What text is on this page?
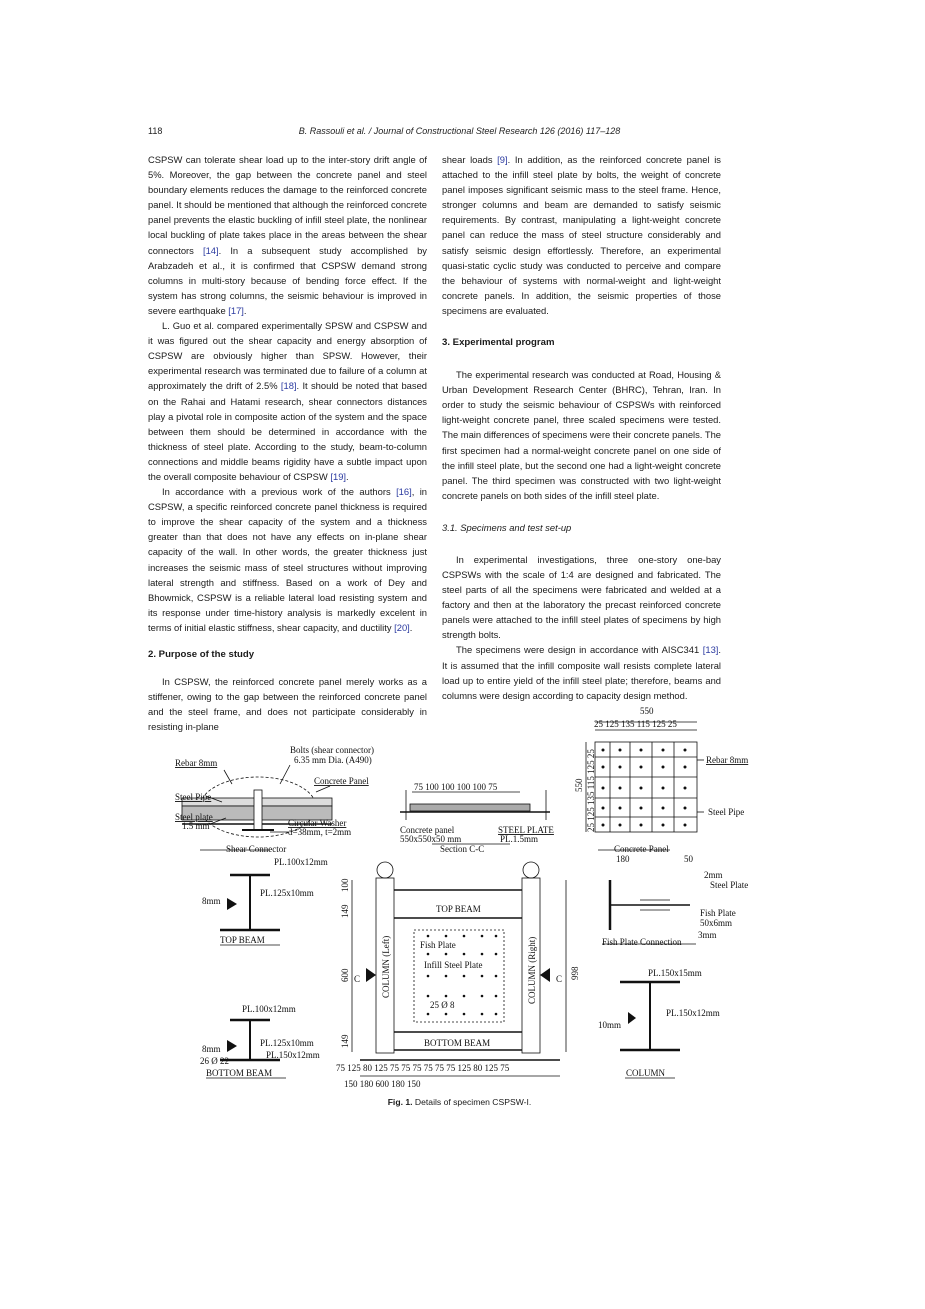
118	B. Rassouli et al. / Journal of Constructional Steel Research 126 (2016) 117–128

CSPSW can tolerate shear load up to the inter-story drift angle of 5%. Moreover, the gap between the concrete panel and steel boundary elements reduces the damage to the reinforced concrete panel. It should be mentioned that although the reinforced concrete panel prevents the elastic buckling of infill steel plate, the nonlinear local buckling of plate takes place in the areas between the shear connectors [14]. In a subsequent study accomplished by Arabzadeh et al., it is confirmed that CSPSW demand strong columns in multi-story because of bending force effect. If the system has strong columns, the seismic behaviour is improved in severe earthquake [17].

L. Guo et al. compared experimentally SPSW and CSPSW and it was figured out the shear capacity and energy absorption of CSPSW are obviously higher than SPSW. However, their experimental research was terminated due to failure of a column at approximately the drift of 2.5% [18]. It should be noted that based on the Rahai and Hatami research, shear connectors distances play a pivotal role in composite action of the system and the space between them should be determined in accordance with the thickness of steel plate. According to the study, beam-to-column connections and middle beams rigidity have a subtle impact upon the overall composite behaviour of CSPSW [19].

In accordance with a previous work of the authors [16], in CSPSW, a specific reinforced concrete panel thickness is required to improve the shear capacity of the system and a thickness greater than that does not have any effects on in-plane shear capacity of the wall. In other words, the greater thickness just increases the seismic mass of steel structures without improving lateral strength and stiffness. Based on a work of Dey and Bhowmick, CSPSW is a reliable lateral load resisting system and its response under time-history analysis is markedly excelent in terms of initial elastic stiffness, shear capacity, and ductility [20].

2. Purpose of the study

In CSPSW, the reinforced concrete panel merely works as a stiffener, owing to the gap between the reinforced concrete panel and the steel frame, and does not participate considerably in resisting in-plane

shear loads [9]. In addition, as the reinforced concrete panel is attached to the infill steel plate by bolts, the weight of concrete panel imposes significant seismic mass to the steel frame. Hence, stronger columns and beam are demanded to satisfy seismic requirements. By contrast, manipulating a light-weight concrete panel can reduce the mass of steel structure considerably and satisfy seismic design effortlessly. Therefore, an experimental quasi-static cyclic study was conducted to perceive and compare the behaviour of systems with normal-weight and light-weight concrete panels. In addition, the seismic properties of those specimens are evaluated.

3. Experimental program

The experimental research was conducted at Road, Housing & Urban Development Research Center (BHRC), Tehran, Iran. In order to study the seismic behaviour of CSPSWs with reinforced light-weight concrete panel, three scaled specimens were tested. The main differences of specimens were their concrete panels. The first specimen had a normal-weight concrete panel on one side of the infill steel plate, but the second one had a light-weight concrete panel. The third specimen was constructed with two light-weight concrete panels on both sides of the infill steel plate.

3.1. Specimens and test set-up

In experimental investigations, three one-story one-bay CSPSWs with the scale of 1:4 are designed and fabricated. The steel parts of all the specimens were fabricated and welded at a factory and then at the laboratory the precast reinforced concrete panels were attached to the infill steel plates of specimens by high strength bolts.

The specimens were design in accordance with AISC341 [13]. It is assumed that the infill composite wall resists complete lateral load up to entire yield of the infill steel plate; therefore, beams and columns were design according to capacity design method.

Bolts (shear connector)
6.35 mm Dia. (A490)
Rebar 8mm
Concrete Panel
Steel Pipe
Steel plate
1.5 mm	Circular Washer
d=38mm, t=2mm
Shear Connector
75 100 100 100 100 75
Concrete panel
550x550x50 mm
STEEL PLATE
PL.1.5mm
Section C-C
550
25 125 135 115 125 25
550 25 125 135 115 125 25	Rebar 8mm
Steel Pipe
Concrete Panel
PL.100x12mm
PL.125x10mm
8mm
TOP BEAM
PL.100x12mm
8mm
PL.125x10mm
PL.150x12mm
26 Ø 22
BOTTOM BEAM
TOP BEAM
BOTTOM BEAM
COLUMN (Left)	COLUMN (Right)
Fish Plate
Infill Steel Plate
25 Ø 8
149
100
600
149
998
C	C
75 125 80 125 75 75 75 75 75 75 125 80 125 75
150 180 600 180 150
180	50
2mm
Steel Plate
Fish Plate
50x6mm
3mm
Fish Plate Connection
PL.150x15mm
PL.150x12mm
10mm
COLUMN
Fig. 1. Details of specimen CSPSW-I.
